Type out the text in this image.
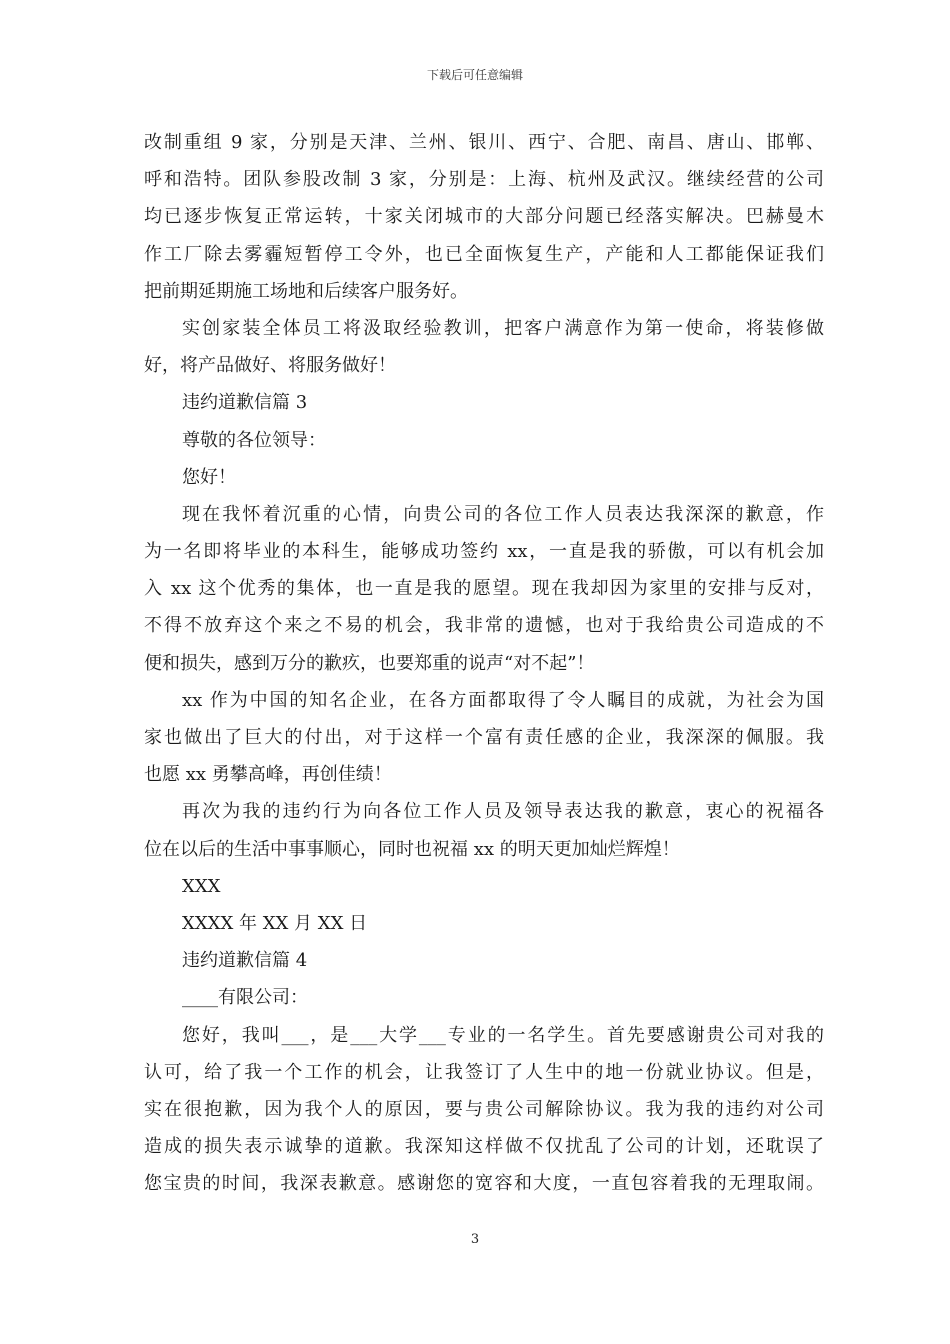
下载后可任意编辑
改制重组 9 家，分别是天津、兰州、银川、西宁、合肥、南昌、唐山、邯郸、
呼和浩特。团队参股改制 3 家，分别是：上海、杭州及武汉。继续经营的公司
均已逐步恢复正常运转，十家关闭城市的大部分问题已经落实解决。巴赫曼木
作工厂除去雾霾短暂停工令外，也已全面恢复生产，产能和人工都能保证我们
把前期延期施工场地和后续客户服务好。
实创家装全体员工将汲取经验教训，把客户满意作为第一使命，将装修做
好，将产品做好、将服务做好！
违约道歉信篇 3
尊敬的各位领导：
您好！
现在我怀着沉重的心情，向贵公司的各位工作人员表达我深深的歉意，作
为一名即将毕业的本科生，能够成功签约 xx，一直是我的骄傲，可以有机会加
入 xx 这个优秀的集体，也一直是我的愿望。现在我却因为家里的安排与反对，
不得不放弃这个来之不易的机会，我非常的遗憾，也对于我给贵公司造成的不
便和损失，感到万分的歉疚，也要郑重的说声“对不起”！
xx 作为中国的知名企业，在各方面都取得了令人瞩目的成就，为社会为国
家也做出了巨大的付出，对于这样一个富有责任感的企业，我深深的佩服。我
也愿 xx 勇攀高峰，再创佳绩！
再次为我的违约行为向各位工作人员及领导表达我的歉意，衷心的祝福各
位在以后的生活中事事顺心，同时也祝福 xx 的明天更加灿烂辉煌！
XXX
XXXX 年 XX 月 XX 日
违约道歉信篇 4
____有限公司：
您好，我叫___，是___大学___专业的一名学生。首先要感谢贵公司对我的
认可，给了我一个工作的机会，让我签订了人生中的地一份就业协议。但是，
实在很抱歉，因为我个人的原因，要与贵公司解除协议。我为我的违约对公司
造成的损失表示诚挚的道歉。我深知这样做不仅扰乱了公司的计划，还耽误了
您宝贵的时间，我深表歉意。感谢您的宽容和大度，一直包容着我的无理取闹。
3
